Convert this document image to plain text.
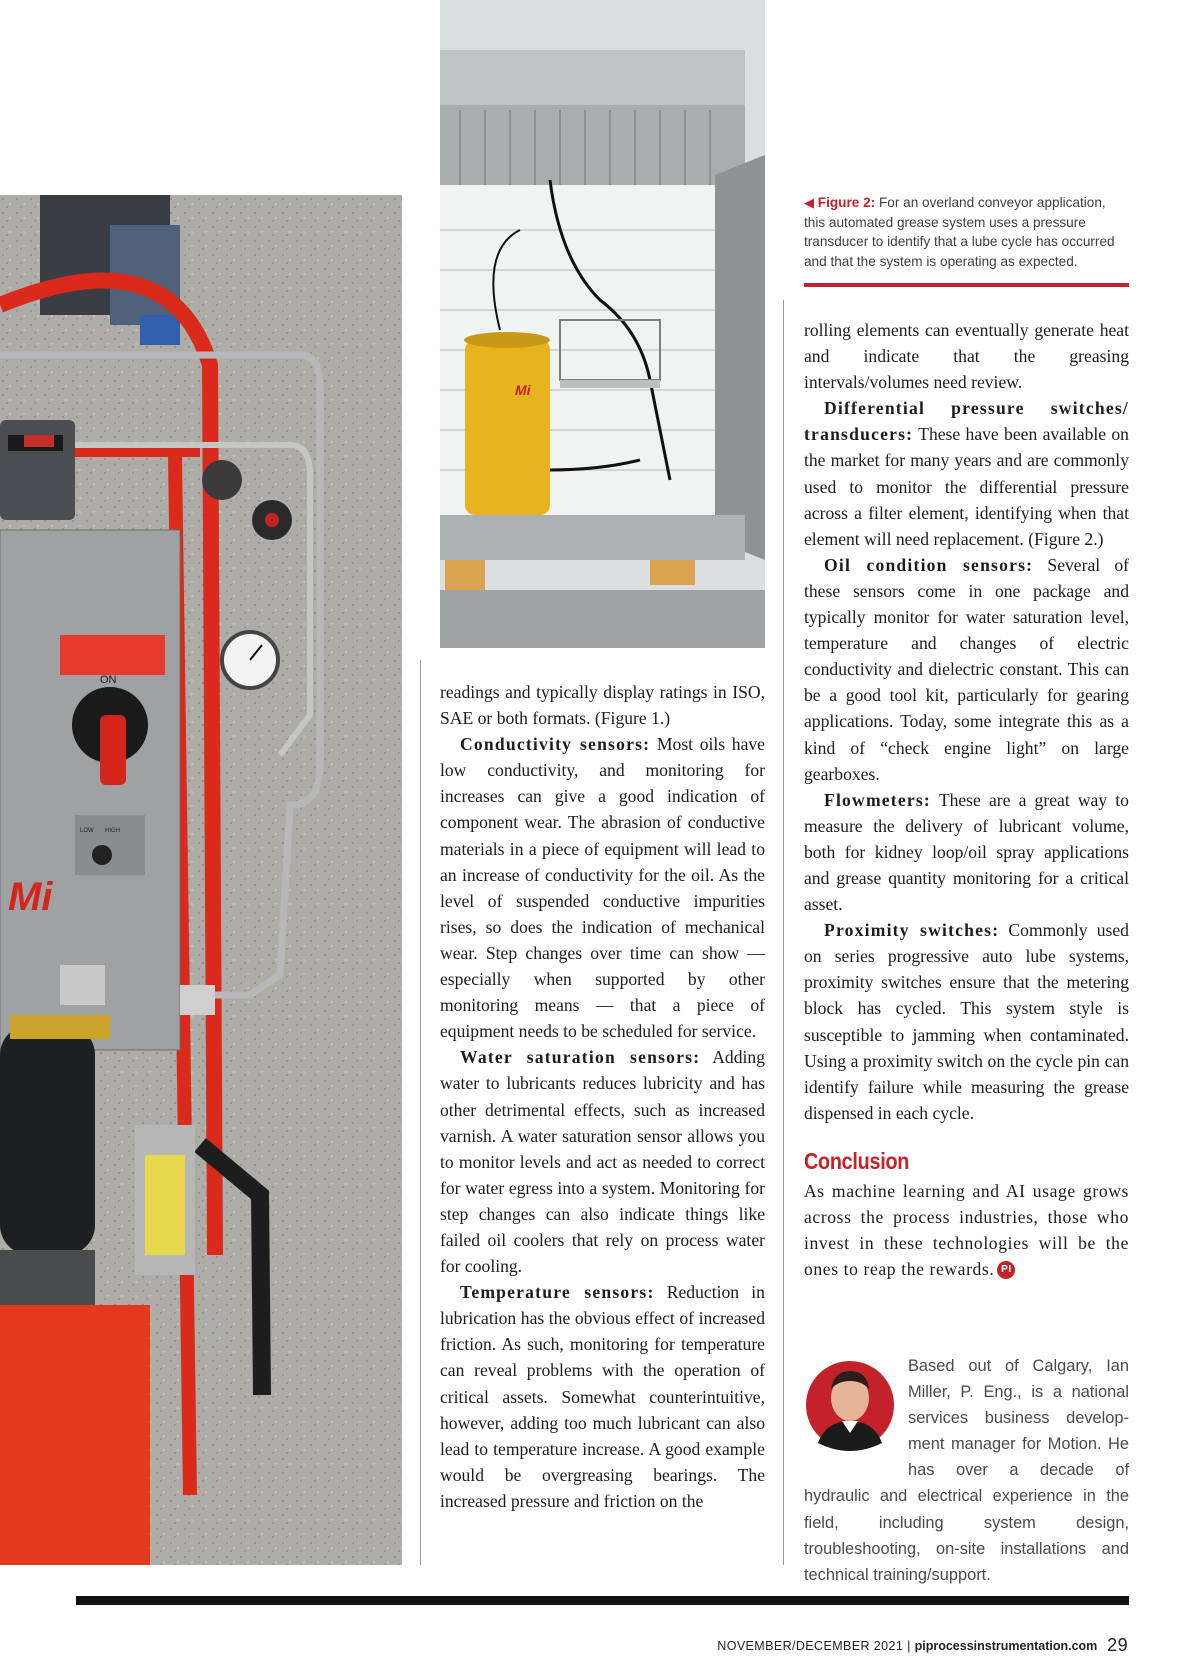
ON
LOW HIGH
Mi
Mi
◀ Figure 2: For an overland conveyor application, this automated grease system uses a pressure transducer to identify that a lube cycle has occurred and that the system is operating as expected.

readings and typically display ratings in ISO, SAE or both formats. (Figure 1.)

Conductivity sensors: Most oils have low conductivity, and monitoring for increases can give a good indication of component wear. The abrasion of conductive materials in a piece of equipment will lead to an increase of conductivity for the oil. As the level of suspended conductive impurities rises, so does the indication of mechanical wear. Step changes over time can show — especially when supported by other monitoring means — that a piece of equipment needs to be scheduled for service.

Water saturation sensors: Adding water to lubricants reduces lubricity and has other detrimental effects, such as increased varnish. A water saturation sensor allows you to monitor levels and act as needed to correct for water egress into a system. Monitoring for step changes can also indicate things like failed oil coolers that rely on process water for cooling.

Temperature sensors: Reduction in lubrication has the obvious effect of increased friction. As such, monitoring for temperature can reveal problems with the operation of critical assets. Somewhat counterintuitive, however, adding too much lubricant can also lead to temperature increase. A good example would be overgreasing bearings. The increased pressure and friction on the

rolling elements can eventually generate heat and indicate that the greasing intervals/volumes need review.

Differential pressure switches/ transducers: These have been available on the market for many years and are commonly used to monitor the differential pressure across a filter element, identifying when that element will need replacement. (Figure 2.)

Oil condition sensors: Several of these sensors come in one package and typically monitor for water saturation level, temperature and changes of electric conductivity and dielectric constant. This can be a good tool kit, particularly for gearing applications. Today, some integrate this as a kind of “check engine light” on large gearboxes.

Flowmeters: These are a great way to measure the delivery of lubricant volume, both for kidney loop/oil spray applications and grease quantity monitoring for a critical asset.

Proximity switches: Commonly used on series progressive auto lube systems, proximity switches ensure that the metering block has cycled. This system style is susceptible to jamming when contaminated. Using a proximity switch on the cycle pin can identify failure while measuring the grease dispensed in each cycle.

Conclusion

As machine learning and AI usage grows across the process industries, those who invest in these technologies will be the ones to reap the rewards. PI

Based out of Calgary, Ian Miller, P. Eng., is a national services business development manager for Motion. He has over a decade of hydraulic and electrical experience in the field, including system design, troubleshooting, on-site installations and technical training/support.
NOVEMBER/DECEMBER 2021 | piprocessinstrumentation.com 29
